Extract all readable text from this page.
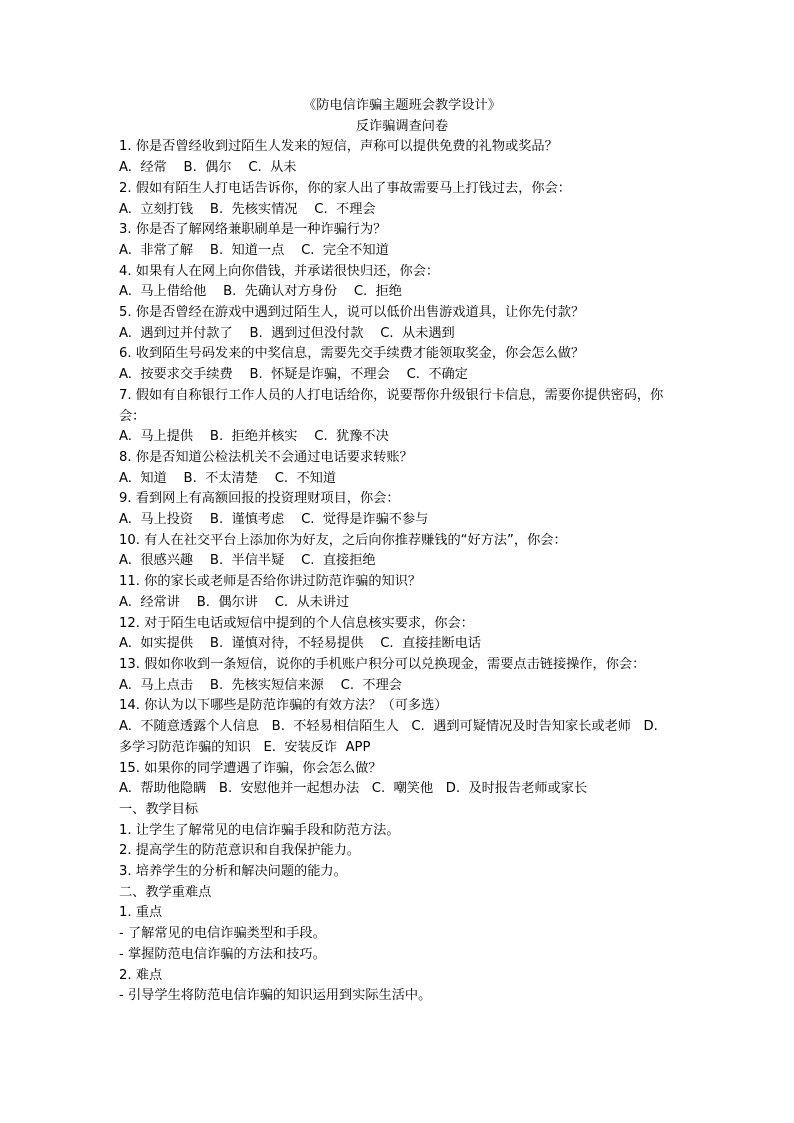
《防电信诈骗主题班会教学设计》
反诈骗调查问卷
1. 你是否曾经收到过陌生人发来的短信，声称可以提供免费的礼物或奖品？
A.  经常 B.  偶尔 C.  从未
2. 假如有陌生人打电话告诉你，你的家人出了事故需要马上打钱过去，你会：
A.  立刻打钱 B.  先核实情况 C.  不理会
3. 你是否了解网络兼职刷单是一种诈骗行为？
A.  非常了解 B.  知道一点 C.  完全不知道
4. 如果有人在网上向你借钱，并承诺很快归还，你会：
A.  马上借给他 B.  先确认对方身份 C.  拒绝
5. 你是否曾经在游戏中遇到过陌生人，说可以低价出售游戏道具，让你先付款？
A.  遇到过并付款了 B.  遇到过但没付款 C.  从未遇到
6. 收到陌生号码发来的中奖信息，需要先交手续费才能领取奖金，你会怎么做？
A.  按要求交手续费 B.  怀疑是诈骗，不理会 C.  不确定
7. 假如有自称银行工作人员的人打电话给你，说要帮你升级银行卡信息，需要你提供密码，你会：
A.  马上提供 B.  拒绝并核实 C.  犹豫不决
8. 你是否知道公检法机关不会通过电话要求转账？
A.  知道 B.  不太清楚 C.  不知道
9. 看到网上有高额回报的投资理财项目，你会：
A.  马上投资 B.  谨慎考虑 C.  觉得是诈骗不参与
10. 有人在社交平台上添加你为好友，之后向你推荐赚钱的“好方法”，你会：
A.  很感兴趣 B.  半信半疑 C.  直接拒绝
11. 你的家长或老师是否给你讲过防范诈骗的知识？
A.  经常讲 B.  偶尔讲 C.  从未讲过
12. 对于陌生电话或短信中提到的个人信息核实要求，你会：
A.  如实提供 B.  谨慎对待，不轻易提供 C.  直接挂断电话
13. 假如你收到一条短信，说你的手机账户积分可以兑换现金，需要点击链接操作，你会：
A.  马上点击 B.  先核实短信来源 C.  不理会
14. 你认为以下哪些是防范诈骗的有效方法？（可多选）
A.  不随意透露个人信息 B.  不轻易相信陌生人 C.  遇到可疑情况及时告知家长或老师 D.
多学习防范诈骗的知识 E.  安装反诈  APP
15. 如果你的同学遭遇了诈骗，你会怎么做？
A.  帮助他隐瞒 B.  安慰他并一起想办法 C.  嘲笑他 D.  及时报告老师或家长
一、教学目标
1. 让学生了解常见的电信诈骗手段和防范方法。
2. 提高学生的防范意识和自我保护能力。
3. 培养学生的分析和解决问题的能力。
二、教学重难点
1. 重点
- 了解常见的电信诈骗类型和手段。
- 掌握防范电信诈骗的方法和技巧。
2. 难点
- 引导学生将防范电信诈骗的知识运用到实际生活中。
